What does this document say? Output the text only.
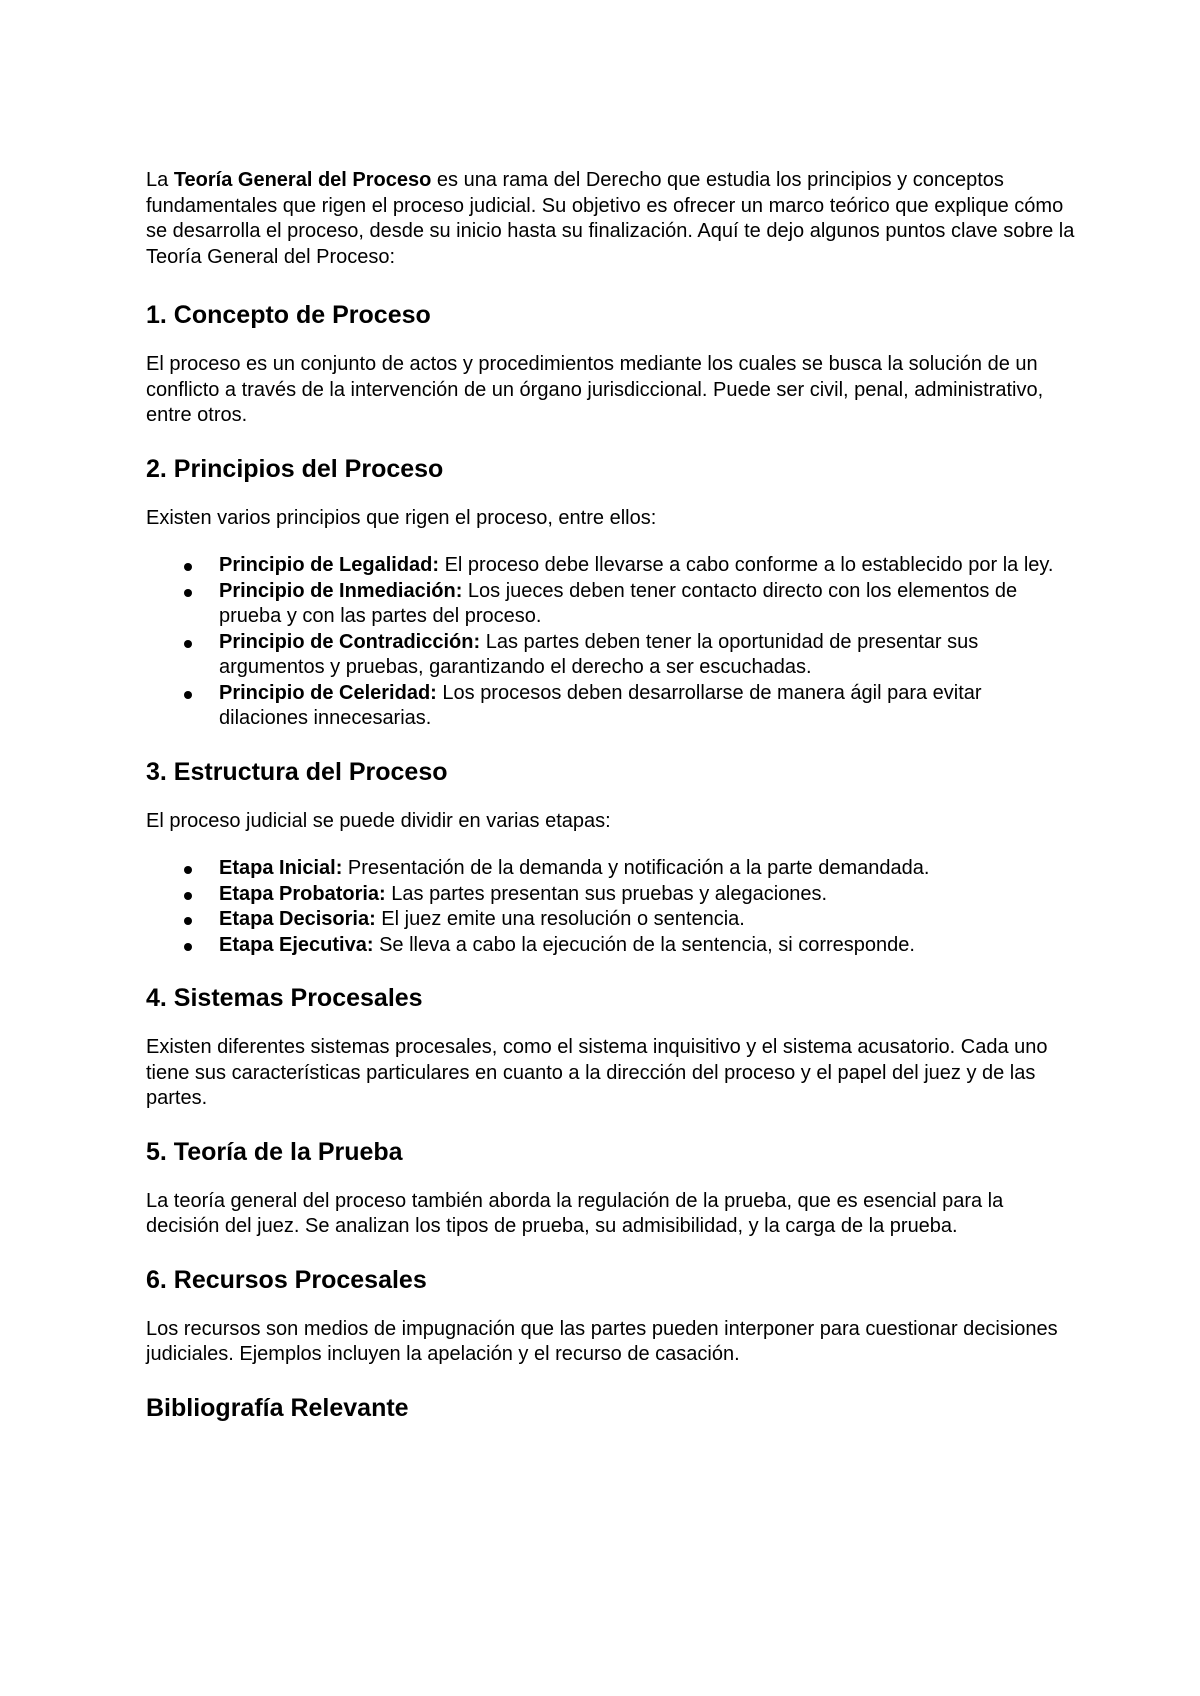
La Teoría General del Proceso es una rama del Derecho que estudia los principios y conceptos fundamentales que rigen el proceso judicial. Su objetivo es ofrecer un marco teórico que explique cómo se desarrolla el proceso, desde su inicio hasta su finalización. Aquí te dejo algunos puntos clave sobre la Teoría General del Proceso:

1. Concepto de Proceso

El proceso es un conjunto de actos y procedimientos mediante los cuales se busca la solución de un conflicto a través de la intervención de un órgano jurisdiccional. Puede ser civil, penal, administrativo, entre otros.

2. Principios del Proceso

Existen varios principios que rigen el proceso, entre ellos:

Principio de Legalidad: El proceso debe llevarse a cabo conforme a lo establecido por la ley.
Principio de Inmediación: Los jueces deben tener contacto directo con los elementos de prueba y con las partes del proceso.
Principio de Contradicción: Las partes deben tener la oportunidad de presentar sus argumentos y pruebas, garantizando el derecho a ser escuchadas.
Principio de Celeridad: Los procesos deben desarrollarse de manera ágil para evitar dilaciones innecesarias.
3. Estructura del Proceso

El proceso judicial se puede dividir en varias etapas:

Etapa Inicial: Presentación de la demanda y notificación a la parte demandada.
Etapa Probatoria: Las partes presentan sus pruebas y alegaciones.
Etapa Decisoria: El juez emite una resolución o sentencia.
Etapa Ejecutiva: Se lleva a cabo la ejecución de la sentencia, si corresponde.
4. Sistemas Procesales

Existen diferentes sistemas procesales, como el sistema inquisitivo y el sistema acusatorio. Cada uno tiene sus características particulares en cuanto a la dirección del proceso y el papel del juez y de las partes.

5. Teoría de la Prueba

La teoría general del proceso también aborda la regulación de la prueba, que es esencial para la decisión del juez. Se analizan los tipos de prueba, su admisibilidad, y la carga de la prueba.

6. Recursos Procesales

Los recursos son medios de impugnación que las partes pueden interponer para cuestionar decisiones judiciales. Ejemplos incluyen la apelación y el recurso de casación.

Bibliografía Relevante
